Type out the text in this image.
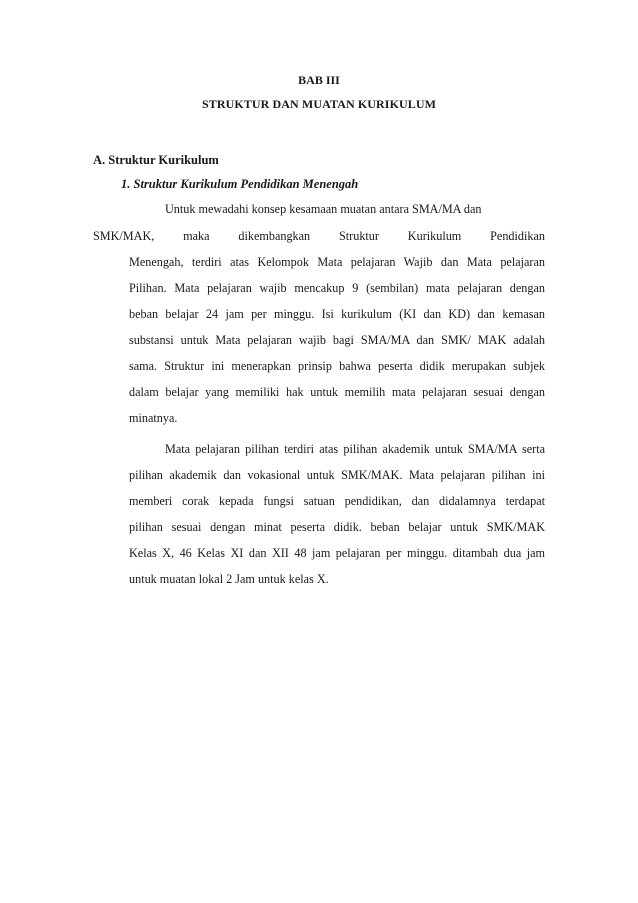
BAB III
STRUKTUR DAN MUATAN KURIKULUM
A. Struktur Kurikulum
1. Struktur Kurikulum Pendidikan Menengah
Untuk mewadahi konsep kesamaan muatan antara SMA/MA dan
SMK/MAK, maka dikembangkan Struktur Kurikulum Pendidikan
Menengah, terdiri atas Kelompok Mata pelajaran Wajib dan Mata pelajaran
Pilihan. Mata pelajaran wajib mencakup 9 (sembilan) mata pelajaran dengan
beban belajar 24 jam per minggu. Isi kurikulum (KI dan KD) dan kemasan
substansi untuk Mata pelajaran wajib bagi SMA/MA dan SMK/ MAK adalah
sama. Struktur ini menerapkan prinsip bahwa peserta didik merupakan subjek
dalam belajar yang memiliki hak untuk memilih mata pelajaran sesuai dengan
minatnya.
Mata pelajaran pilihan terdiri atas pilihan akademik untuk SMA/MA serta
pilihan akademik dan vokasional untuk SMK/MAK. Mata pelajaran pilihan ini
memberi corak kepada fungsi satuan pendidikan, dan didalamnya terdapat
pilihan sesuai dengan minat peserta didik. beban belajar untuk SMK/MAK
Kelas X, 46 Kelas XI dan XII 48 jam pelajaran per minggu. ditambah dua jam
untuk muatan lokal 2 Jam untuk kelas X.
